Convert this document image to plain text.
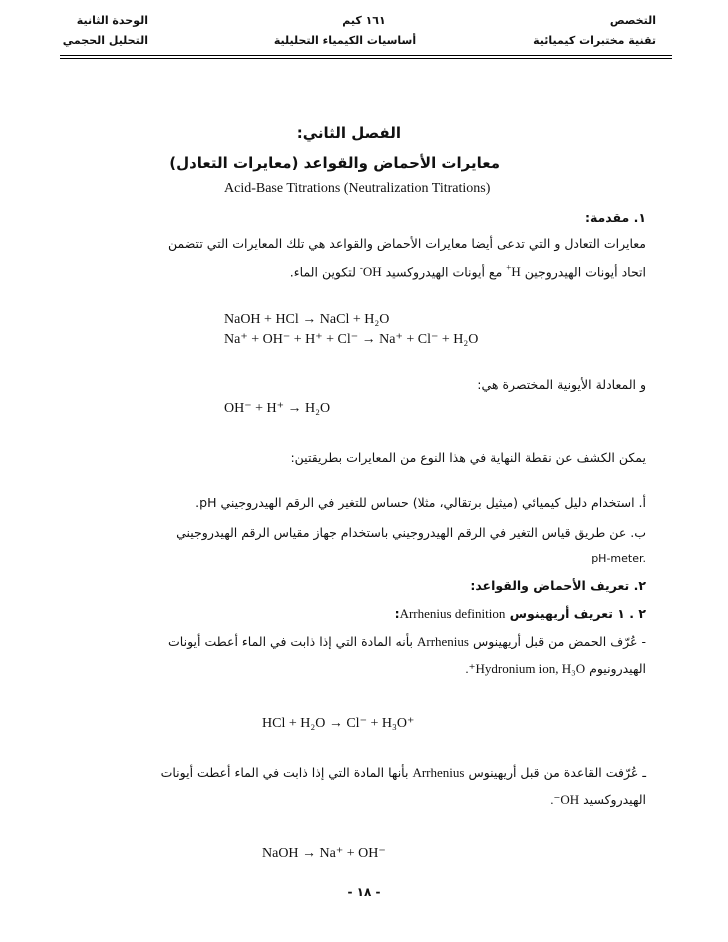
التخصص
تقنية مختبرات كيميائية
١٦١ كيم
أساسيات الكيمياء التحليلية
الوحدة الثانية
التحليل الحجمي
الفصل الثاني:
معايرات الأحماض والقواعد (معايرات التعادل)
Acid-Base Titrations (Neutralization Titrations)
١. مقدمة:
معايرات التعادل و التي تدعى أيضا معايرات الأحماض والقواعد هي تلك المعايرات التي تتضمن
اتحاد أيونات الهيدروجين H+ مع أيونات الهيدروكسيد OH- لتكوين الماء.
NaOH + HCl → NaCl + H₂O
Na⁺ + OH⁻ + H⁺ + Cl⁻ → Na⁺ + Cl⁻ + H₂O
و المعادلة الأيونية المختصرة هي:
OH⁻ + H⁺ → H₂O
يمكن الكشف عن نقطة النهاية في هذا النوع من المعايرات بطريقتين:
أ. استخدام دليل كيميائي (ميثيل برتقالي، مثلا) حساس للتغير في الرقم الهيدروجيني pH.
ب. عن طريق قياس التغير في الرقم الهيدروجيني باستخدام جهاز مقياس الرقم الهيدروجيني
pH-meter.
٢. تعريف الأحماض والقواعد:
٢ . ١ تعريف أريهينوس Arrhenius definition:
- عُرّف الحمض من قبل أريهينوس Arrhenius بأنه المادة التي إذا ذابت في الماء أعطت أيونات
الهيدرونيوم Hydronium ion, H₃O⁺.
HCl + H₂O → Cl⁻ + H₃O⁺
ـ عُرّفت القاعدة من قبل أريهينوس Arrhenius بأنها المادة التي إذا ذابت في الماء أعطت أيونات
الهيدروكسيد OH⁻.
NaOH → Na⁺ + OH⁻
- ١٨ -
